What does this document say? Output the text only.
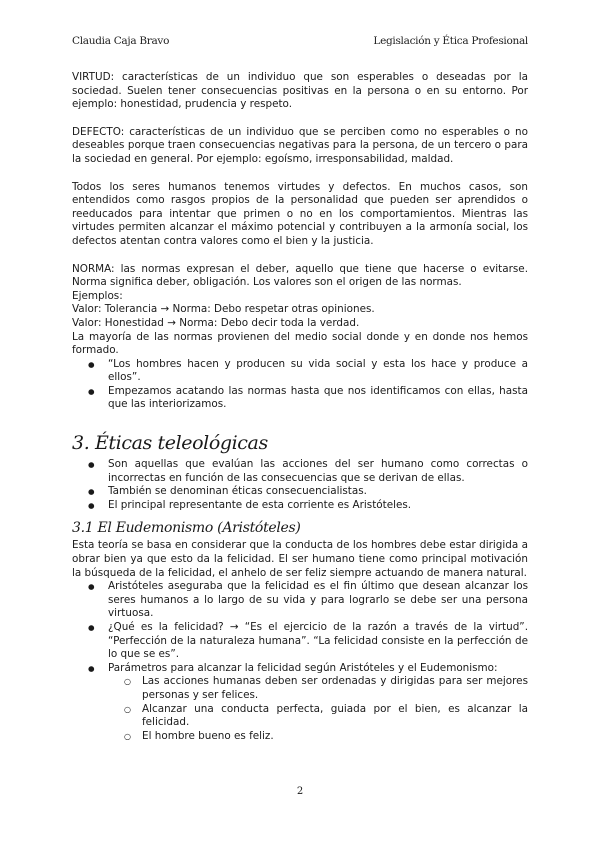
Claudia Caja Bravo	Legislación y Ética Profesional

VIRTUD: características de un individuo que son esperables o deseadas por la sociedad. Suelen tener consecuencias positivas en la persona o en su entorno. Por ejemplo: honestidad, prudencia y respeto.

DEFECTO: características de un individuo que se perciben como no esperables o no deseables porque traen consecuencias negativas para la persona, de un tercero o para la sociedad en general. Por ejemplo: egoísmo, irresponsabilidad, maldad.

Todos los seres humanos tenemos virtudes y defectos. En muchos casos, son entendidos como rasgos propios de la personalidad que pueden ser aprendidos o reeducados para intentar que primen o no en los comportamientos. Mientras las virtudes permiten alcanzar el máximo potencial y contribuyen a la armonía social, los defectos atentan contra valores como el bien y la justicia.

NORMA: las normas expresan el deber, aquello que tiene que hacerse o evitarse. Norma significa deber, obligación. Los valores son el origen de las normas.

Ejemplos:

Valor: Tolerancia → Norma: Debo respetar otras opiniones.

Valor: Honestidad → Norma: Debo decir toda la verdad.

La mayoría de las normas provienen del medio social donde y en donde nos hemos formado.

● “Los hombres hacen y producen su vida social y esta los hace y produce a ellos”.
● Empezamos acatando las normas hasta que nos identificamos con ellas, hasta que las interiorizamos.
3. Éticas teleológicas
● Son aquellas que evalúan las acciones del ser humano como correctas o incorrectas en función de las consecuencias que se derivan de ellas.
● También se denominan éticas consecuencialistas.
● El principal representante de esta corriente es Aristóteles.
3.1 El Eudemonismo (Aristóteles)

Esta teoría se basa en considerar que la conducta de los hombres debe estar dirigida a obrar bien ya que esto da la felicidad. El ser humano tiene como principal motivación la búsqueda de la felicidad, el anhelo de ser feliz siempre actuando de manera natural.

● Aristóteles aseguraba que la felicidad es el fin último que desean alcanzar los seres humanos a lo largo de su vida y para lograrlo se debe ser una persona virtuosa.
● ¿Qué es la felicidad? → “Es el ejercicio de la razón a través de la virtud”. “Perfección de la naturaleza humana”. “La felicidad consiste en la perfección de lo que se es”.
● Parámetros para alcanzar la felicidad según Aristóteles y el Eudemonismo:
○ Las acciones humanas deben ser ordenadas y dirigidas para ser mejores personas y ser felices.
○ Alcanzar una conducta perfecta, guiada por el bien, es alcanzar la felicidad.
○ El hombre bueno es feliz.
2
